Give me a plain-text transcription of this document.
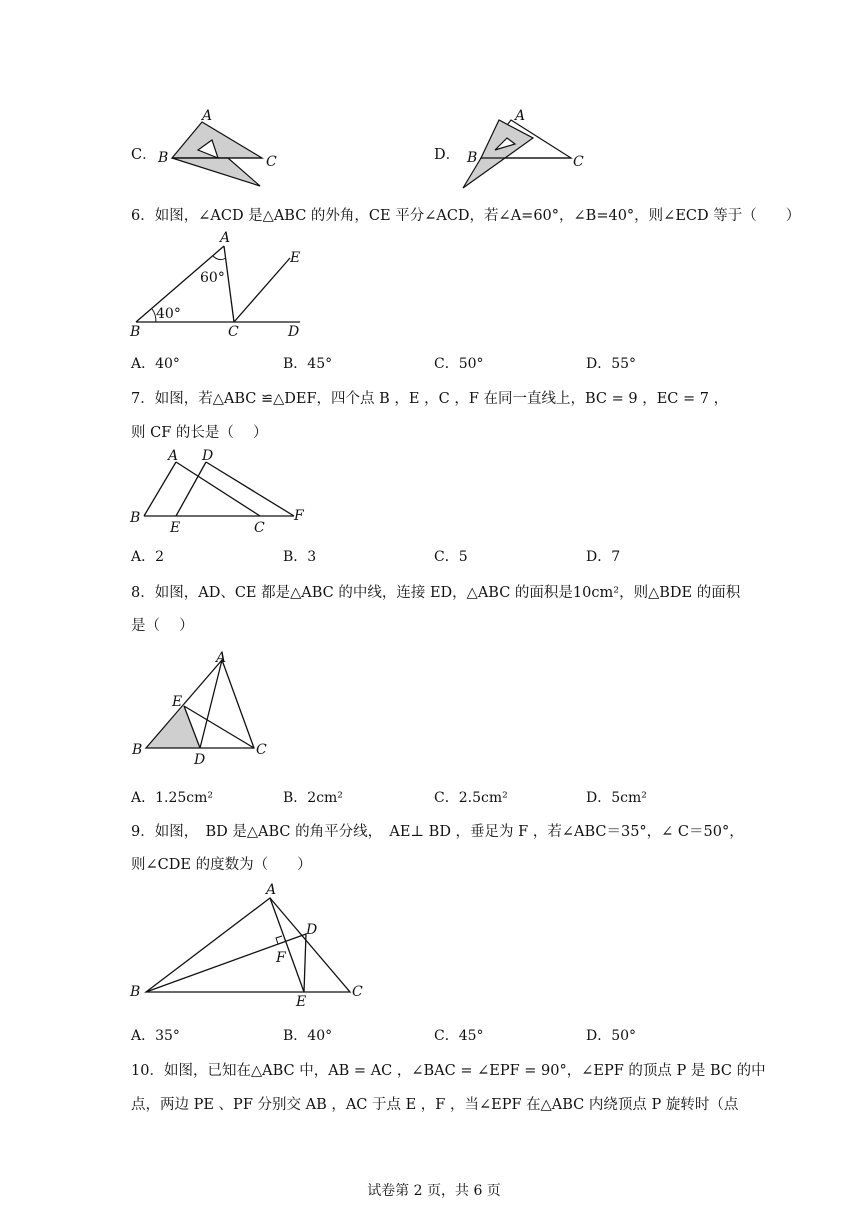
C．
A
B	C	D．
A
B	C
6．如图，∠ACD 是△ABC 的外角，CE 平分∠ACD，若∠A=60°，∠B=40°，则∠ECD 等于（　　）
A
B	C	D
E
60°
40°
A．40°	B．45°	C．50°	D．55°
7．如图，若△ABC ≌△DEF，四个点 B ，E ，C ，F 在同一直线上，BC = 9 ，EC = 7 ，
则 CF 的长是（　 ）
A D
B
E	C
F
A．2	B．3	C．5	D．7
8．如图，AD、CE 都是△ABC 的中线，连接 ED，△ABC 的面积是10cm²，则△BDE 的面积
是（　 ）
A
E
B
D
C
A．1.25cm²	B．2cm²	C．2.5cm²	D．5cm²
9．如图，　BD 是△ABC 的角平分线，　AE⊥ BD ，垂足为 F ，若∠ABC＝35°，∠ C＝50°，
则∠CDE 的度数为（　　）
A
D
F
B
E
C
A．35°	B．40°	C．45°	D．50°
10．如图，已知在△ABC 中，AB = AC ，∠BAC = ∠EPF = 90°，∠EPF 的顶点 P 是 BC 的中
点，两边 PE 、PF 分别交 AB ，AC 于点 E ，F ，当∠EPF 在△ABC 内绕顶点 P 旋转时（点
试卷第 2 页，共 6 页
